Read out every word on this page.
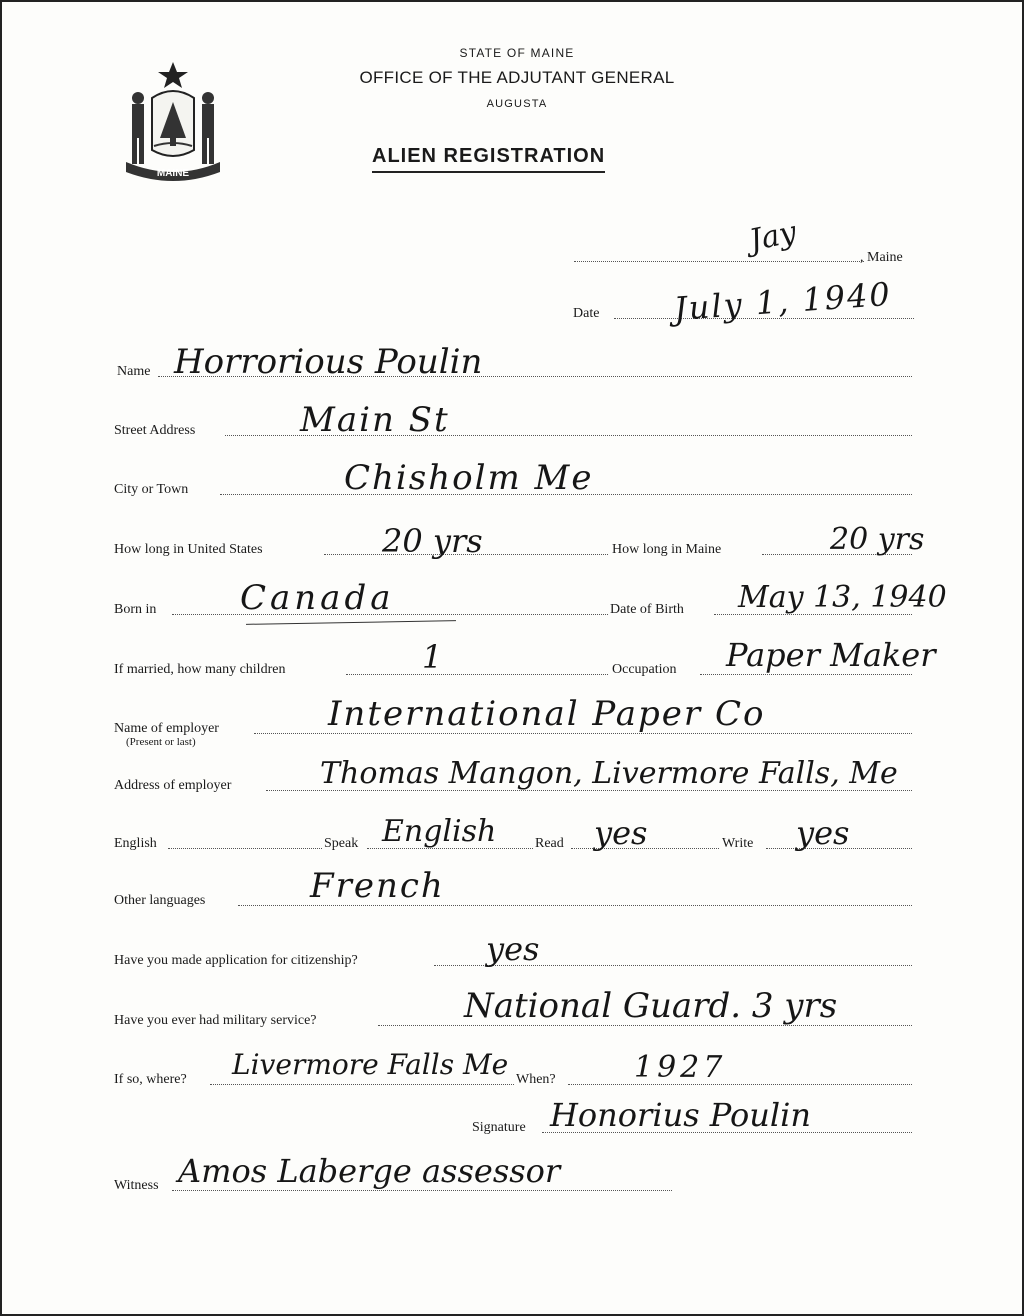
MAINE
STATE OF MAINE
OFFICE OF THE ADJUTANT GENERAL
AUGUSTA
ALIEN REGISTRATION
Jay	, Maine
Date July 1, 1940
Name Horrorious Poulin
Street Address	Main St
City or Town	Chisholm Me
How long in United States	20 yrs	How long in Maine	20 yrs
Born in Canada	Date of Birth May 13, 1940
If married, how many children	1	Occupation Paper Maker
Name of employer
(Present or last)
International Paper Co
Address of employer	Thomas Mangon, Livermore Falls, Me
English	Speak English	Read yes	Write yes
Other languages	French
Have you made application for citizenship?	yes
Have you ever had military service?	National Guard. 3 yrs
If so, where? Livermore Falls Me When?	1927
Signature Honorius Poulin
Witness Amos Laberge assessor
